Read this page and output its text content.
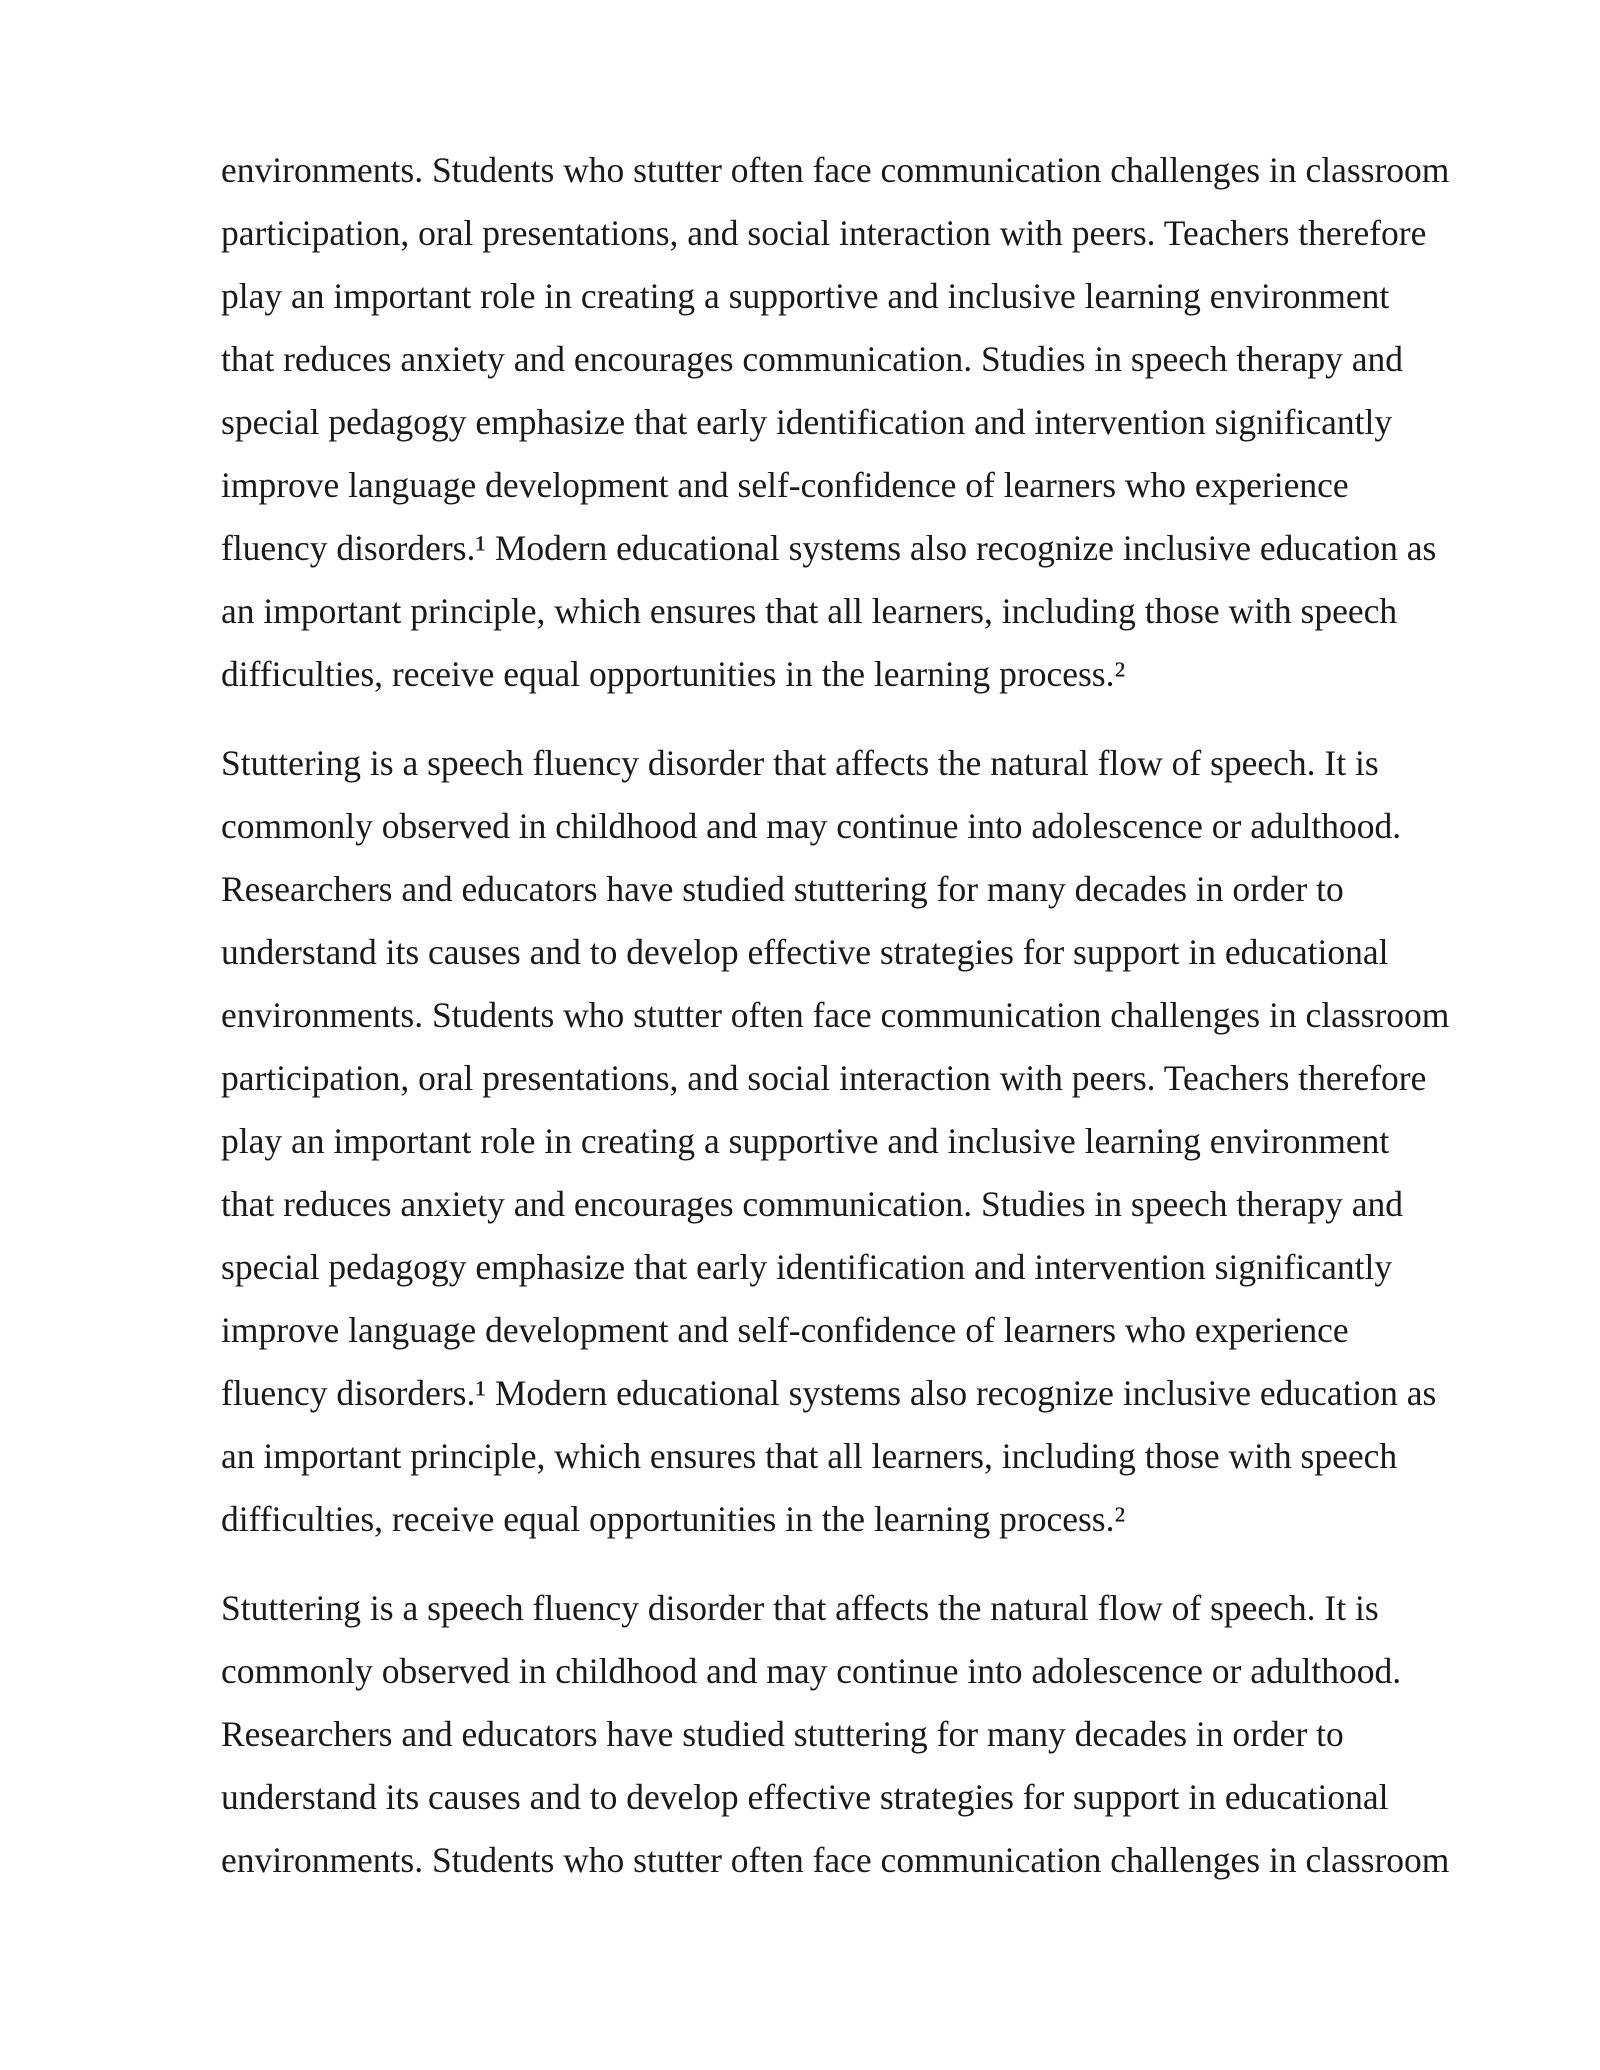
environments. Students who stutter often face communication challenges in classroom
participation, oral presentations, and social interaction with peers. Teachers therefore
play an important role in creating a supportive and inclusive learning environment
that reduces anxiety and encourages communication. Studies in speech therapy and
special pedagogy emphasize that early identification and intervention significantly
improve language development and self-confidence of learners who experience
fluency disorders.¹ Modern educational systems also recognize inclusive education as
an important principle, which ensures that all learners, including those with speech
difficulties, receive equal opportunities in the learning process.²

Stuttering is a speech fluency disorder that affects the natural flow of speech. It is
commonly observed in childhood and may continue into adolescence or adulthood.
Researchers and educators have studied stuttering for many decades in order to
understand its causes and to develop effective strategies for support in educational
environments. Students who stutter often face communication challenges in classroom
participation, oral presentations, and social interaction with peers. Teachers therefore
play an important role in creating a supportive and inclusive learning environment
that reduces anxiety and encourages communication. Studies in speech therapy and
special pedagogy emphasize that early identification and intervention significantly
improve language development and self-confidence of learners who experience
fluency disorders.¹ Modern educational systems also recognize inclusive education as
an important principle, which ensures that all learners, including those with speech
difficulties, receive equal opportunities in the learning process.²

Stuttering is a speech fluency disorder that affects the natural flow of speech. It is
commonly observed in childhood and may continue into adolescence or adulthood.
Researchers and educators have studied stuttering for many decades in order to
understand its causes and to develop effective strategies for support in educational
environments. Students who stutter often face communication challenges in classroom
